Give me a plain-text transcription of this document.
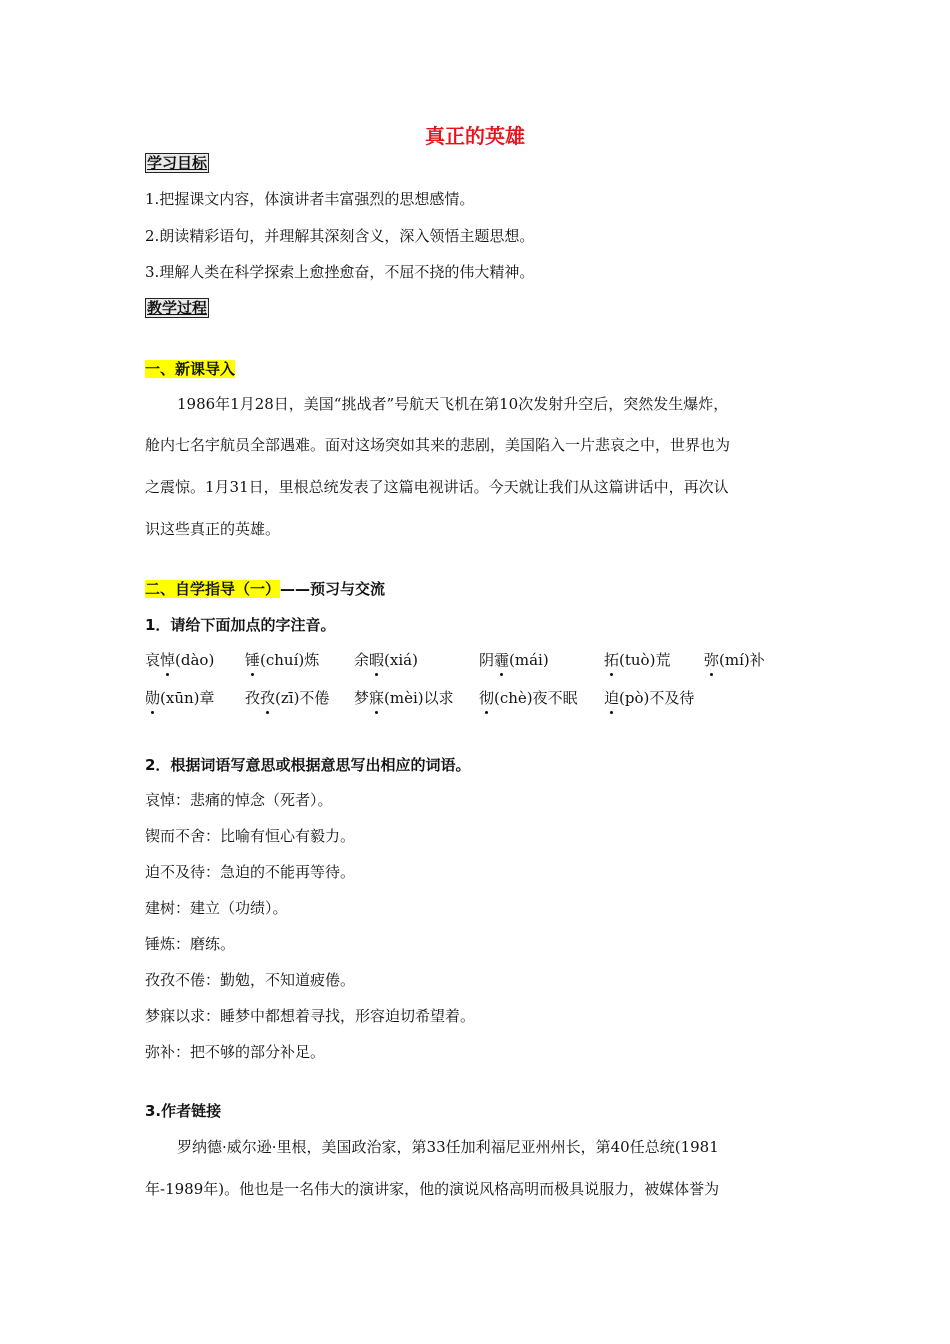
真正的英雄
学习目标
1.把握课文内容，体演讲者丰富强烈的思想感情。
2.朗读精彩语句，并理解其深刻含义，深入领悟主题思想。
3.理解人类在科学探索上愈挫愈奋，不屈不挠的伟大精神。
教学过程
一、新课导入
1986年1月28日，美国“挑战者”号航天飞机在第10次发射升空后，突然发生爆炸，
舱内七名宇航员全部遇难。面对这场突如其来的悲剧，美国陷入一片悲哀之中，世界也为
之震惊。1月31日，里根总统发表了这篇电视讲话。今天就让我们从这篇讲话中，再次认
识这些真正的英雄。
二、自学指导（一）——预习与交流
1．请给下面加点的字注音。
哀悼(dào) 锤(chuí)炼 余暇(xiá)	阴霾(mái)	拓(tuò)荒 弥(mí)补
勋(xūn)章 孜孜(zī)不倦 梦寐(mèi)以求 彻(chè)夜不眠 迫(pò)不及待
2．根据词语写意思或根据意思写出相应的词语。
哀悼：悲痛的悼念（死者）。
锲而不舍：比喻有恒心有毅力。
迫不及待：急迫的不能再等待。
建树：建立（功绩）。
锤炼：磨练。
孜孜不倦：勤勉，不知道疲倦。
梦寐以求：睡梦中都想着寻找，形容迫切希望着。
弥补：把不够的部分补足。
3.作者链接
罗纳德·威尔逊·里根，美国政治家，第33任加利福尼亚州州长，第40任总统(1981
年-1989年)。他也是一名伟大的演讲家，他的演说风格高明而极具说服力，被媒体誉为
